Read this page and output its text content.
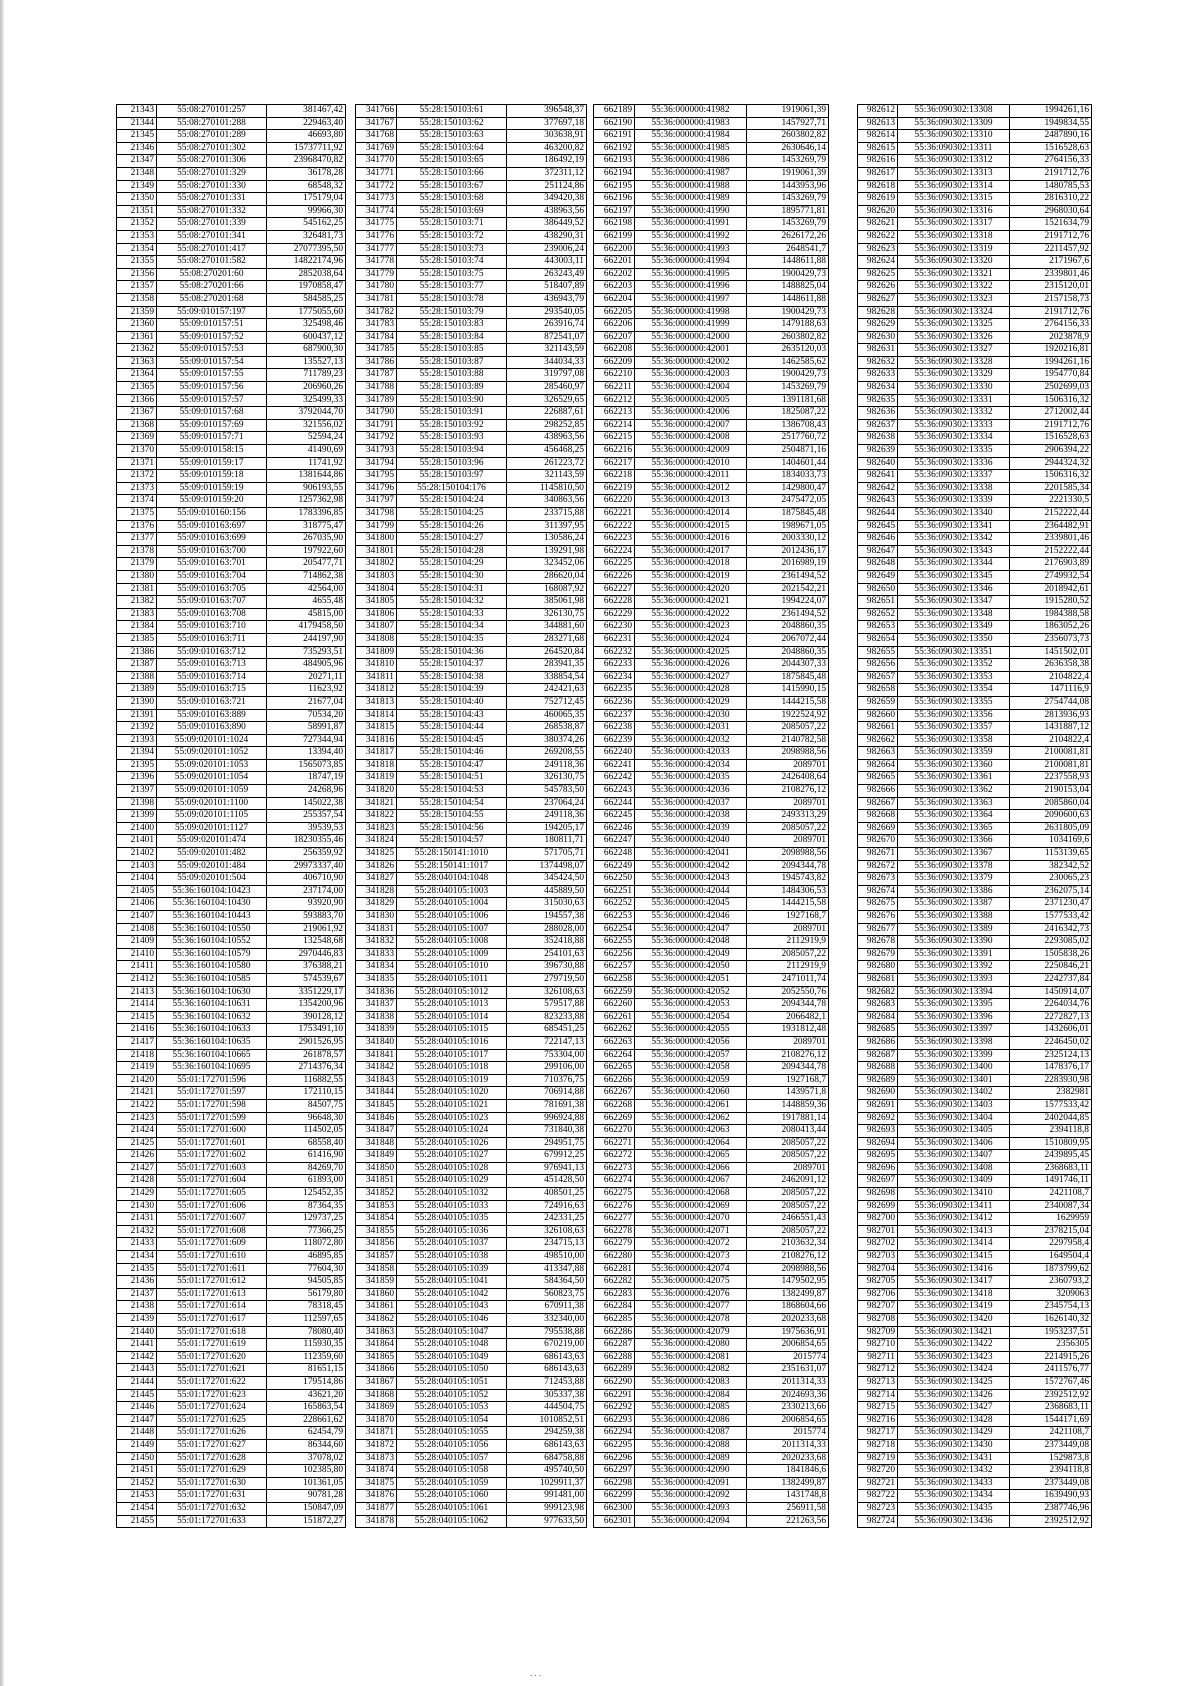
21343	55:08:270101:257	381467,42
21344	55:08:270101:288	229463,40
21345	55:08:270101:289	46693,80
21346	55:08:270101:302	15737711,92
21347	55:08:270101:306	23968470,82
21348	55:08:270101:329	36178,28
21349	55:08:270101:330	68548,32
21350	55:08:270101:331	175179,04
21351	55:08:270101:332	99966,30
21352	55:08:270101:339	545162,25
21353	55:08:270101:341	326481,73
21354	55:08:270101:417	27077395,50
21355	55:08:270101:582	14822174,96
21356	55:08:270201:60	2852038,64
21357	55:08:270201:66	1970858,47
21358	55:08:270201:68	584585,25
21359	55:09:010157:197	1775055,60
21360	55:09:010157:51	325498,46
21361	55:09:010157:52	600437,12
21362	55:09:010157:53	687900,30
21363	55:09:010157:54	135527,13
21364	55:09:010157:55	711789,23
21365	55:09:010157:56	206960,26
21366	55:09:010157:57	325499,33
21367	55:09:010157:68	3792044,70
21368	55:09:010157:69	321556,02
21369	55:09:010157:71	52594,24
21370	55:09:010158:15	41490,69
21371	55:09:010159:17	11741,92
21372	55:09:010159:18	1381644,86
21373	55:09:010159:19	906193,55
21374	55:09:010159:20	1257362,98
21375	55:09:010160:156	1783396,85
21376	55:09:010163:697	318775,47
21377	55:09:010163:699	267035,90
21378	55:09:010163:700	197922,60
21379	55:09:010163:701	205477,71
21380	55:09:010163:704	714862,38
21381	55:09:010163:705	42564,00
21382	55:09:010163:707	4655,48
21383	55:09:010163:708	45815,00
21384	55:09:010163:710	4179458,50
21385	55:09:010163:711	244197,90
21386	55:09:010163:712	735293,51
21387	55:09:010163:713	484905,96
21388	55:09:010163:714	20271,11
21389	55:09:010163:715	11623,92
21390	55:09:010163:721	21677,04
21391	55:09:010163:889	70534,20
21392	55:09:010163:890	58991,87
21393	55:09:020101:1024	727344,94
21394	55:09:020101:1052	13394,40
21395	55:09:020101:1053	1565073,85
21396	55:09:020101:1054	18747,19
21397	55:09:020101:1059	24268,96
21398	55:09:020101:1100	145022,38
21399	55:09:020101:1105	255357,54
21400	55:09:020101:1127	39539,53
21401	55:09:020101:474	18230355,46
21402	55:09:020101:482	256359,92
21403	55:09:020101:484	29973337,40
21404	55:09:020101:504	406710,90
21405	55:36:160104:10423	237174,00
21406	55:36:160104:10430	93920,90
21407	55:36:160104:10443	593883,70
21408	55:36:160104:10550	219061,92
21409	55:36:160104:10552	132548,68
21410	55:36:160104:10579	2970446,83
21411	55:36:160104:10580	376388,21
21412	55:36:160104:10585	574539,67
21413	55:36:160104:10630	3351229,17
21414	55:36:160104:10631	1354200,96
21415	55:36:160104:10632	390128,12
21416	55:36:160104:10633	1753491,10
21417	55:36:160104:10635	2901526,95
21418	55:36:160104:10665	261878,57
21419	55:36:160104:10695	2714376,34
21420	55:01:172701:596	116882,55
21421	55:01:172701:597	172110,15
21422	55:01:172701:598	84507,75
21423	55:01:172701:599	96648,30
21424	55:01:172701:600	114502,05
21425	55:01:172701:601	68558,40
21426	55:01:172701:602	61416,90
21427	55:01:172701:603	84269,70
21428	55:01:172701:604	61893,00
21429	55:01:172701:605	125452,35
21430	55:01:172701:606	87364,35
21431	55:01:172701:607	129737,25
21432	55:01:172701:608	77366,25
21433	55:01:172701:609	118072,80
21434	55:01:172701:610	46895,85
21435	55:01:172701:611	77604,30
21436	55:01:172701:612	94505,85
21437	55:01:172701:613	56179,80
21438	55:01:172701:614	78318,45
21439	55:01:172701:617	112597,65
21440	55:01:172701:618	78080,40
21441	55:01:172701:619	115930,35
21442	55:01:172701:620	112359,60
21443	55:01:172701:621	81651,15
21444	55:01:172701:622	179514,86
21445	55:01:172701:623	43621,20
21446	55:01:172701:624	165863,54
21447	55:01:172701:625	228661,62
21448	55:01:172701:626	62454,79
21449	55:01:172701:627	86344,60
21450	55:01:172701:628	37078,02
21451	55:01:172701:629	102385,80
21452	55:01:172701:630	101361,05
21453	55:01:172701:631	90781,28
21454	55:01:172701:632	150847,09
21455	55:01:172701:633	151872,27
341766	55:28:150103:61	396548,37
341767	55:28:150103:62	377697,18
341768	55:28:150103:63	303638,91
341769	55:28:150103:64	463200,82
341770	55:28:150103:65	186492,19
341771	55:28:150103:66	372311,12
341772	55:28:150103:67	251124,86
341773	55:28:150103:68	349420,38
341774	55:28:150103:69	438963,56
341775	55:28:150103:71	386449,52
341776	55:28:150103:72	438290,31
341777	55:28:150103:73	239006,24
341778	55:28:150103:74	443003,11
341779	55:28:150103:75	263243,49
341780	55:28:150103:77	518407,89
341781	55:28:150103:78	436943,79
341782	55:28:150103:79	293540,05
341783	55:28:150103:83	263916,74
341784	55:28:150103:84	872541,07
341785	55:28:150103:85	321143,59
341786	55:28:150103:87	344034,33
341787	55:28:150103:88	319797,08
341788	55:28:150103:89	285460,97
341789	55:28:150103:90	326529,65
341790	55:28:150103:91	226887,61
341791	55:28:150103:92	298252,85
341792	55:28:150103:93	438963,56
341793	55:28:150103:94	456468,25
341794	55:28:150103:96	261223,72
341795	55:28:150103:97	321143,59
341796	55:28:150104:176	1145810,50
341797	55:28:150104:24	340863,56
341798	55:28:150104:25	233715,88
341799	55:28:150104:26	311397,95
341800	55:28:150104:27	130586,24
341801	55:28:150104:28	139291,98
341802	55:28:150104:29	323452,06
341803	55:28:150104:30	286620,04
341804	55:28:150104:31	168087,92
341805	55:28:150104:32	385061,98
341806	55:28:150104:33	326130,75
341807	55:28:150104:34	344881,60
341808	55:28:150104:35	283271,68
341809	55:28:150104:36	264520,84
341810	55:28:150104:37	283941,35
341811	55:28:150104:38	338854,54
341812	55:28:150104:39	242421,63
341813	55:28:150104:40	752712,45
341814	55:28:150104:43	460065,35
341815	55:28:150104:44	268538,87
341816	55:28:150104:45	380374,26
341817	55:28:150104:46	269208,55
341818	55:28:150104:47	249118,36
341819	55:28:150104:51	326130,75
341820	55:28:150104:53	545783,50
341821	55:28:150104:54	237064,24
341822	55:28:150104:55	249118,36
341823	55:28:150104:56	194205,17
341824	55:28:150104:57	180811,71
341825	55:28:150141:1010	571705,71
341826	55:28:150141:1017	1374498,07
341827	55:28:040104:1048	345424,50
341828	55:28:040105:1003	445889,50
341829	55:28:040105:1004	315030,63
341830	55:28:040105:1006	194557,38
341831	55:28:040105:1007	288028,00
341832	55:28:040105:1008	352418,88
341833	55:28:040105:1009	254101,63
341834	55:28:040105:1010	396730,88
341835	55:28:040105:1011	279719,50
341836	55:28:040105:1012	326108,63
341837	55:28:040105:1013	579517,88
341838	55:28:040105:1014	823233,88
341839	55:28:040105:1015	685451,25
341840	55:28:040105:1016	722147,13
341841	55:28:040105:1017	753304,00
341842	55:28:040105:1018	299106,00
341843	55:28:040105:1019	710376,75
341844	55:28:040105:1020	706914,88
341845	55:28:040105:1021	781691,38
341846	55:28:040105:1023	996924,88
341847	55:28:040105:1024	731840,38
341848	55:28:040105:1026	294951,75
341849	55:28:040105:1027	679912,25
341850	55:28:040105:1028	976941,13
341851	55:28:040105:1029	451428,50
341852	55:28:040105:1032	408501,25
341853	55:28:040105:1033	724916,63
341854	55:28:040105:1035	242331,25
341855	55:28:040105:1036	326108,63
341856	55:28:040105:1037	234715,13
341857	55:28:040105:1038	498510,00
341858	55:28:040105:1039	413347,88
341859	55:28:040105:1041	584364,50
341860	55:28:040105:1042	560823,75
341861	55:28:040105:1043	670911,38
341862	55:28:040105:1046	332340,00
341863	55:28:040105:1047	795538,88
341864	55:28:040105:1048	670219,00
341865	55:28:040105:1049	686143,63
341866	55:28:040105:1050	686143,63
341867	55:28:040105:1051	712453,88
341868	55:28:040105:1052	305337,38
341869	55:28:040105:1053	444504,75
341870	55:28:040105:1054	1010852,51
341871	55:28:040105:1055	294259,38
341872	55:28:040105:1056	686143,63
341873	55:28:040105:1057	684758,88
341874	55:28:040105:1058	495740,50
341875	55:28:040105:1059	1029911,37
341876	55:28:040105:1060	991481,00
341877	55:28:040105:1061	999123,98
341878	55:28:040105:1062	977633,50
662189	55:36:000000:41982	1919061,39
662190	55:36:000000:41983	1457927,71
662191	55:36:000000:41984	2603802,82
662192	55:36:000000:41985	2630646,14
662193	55:36:000000:41986	1453269,79
662194	55:36:000000:41987	1919061,39
662195	55:36:000000:41988	1443953,96
662196	55:36:000000:41989	1453269,79
662197	55:36:000000:41990	1895771,81
662198	55:36:000000:41991	1453269,79
662199	55:36:000000:41992	2626172,26
662200	55:36:000000:41993	2648541,7
662201	55:36:000000:41994	1448611,88
662202	55:36:000000:41995	1900429,73
662203	55:36:000000:41996	1488825,04
662204	55:36:000000:41997	1448611,88
662205	55:36:000000:41998	1900429,73
662206	55:36:000000:41999	1479188,63
662207	55:36:000000:42000	2603802,82
662208	55:36:000000:42001	2635120,03
662209	55:36:000000:42002	1462585,62
662210	55:36:000000:42003	1900429,73
662211	55:36:000000:42004	1453269,79
662212	55:36:000000:42005	1391181,68
662213	55:36:000000:42006	1825087,22
662214	55:36:000000:42007	1386708,43
662215	55:36:000000:42008	2517760,72
662216	55:36:000000:42009	2504871,16
662217	55:36:000000:42010	1404601,44
662218	55:36:000000:42011	1834033,73
662219	55:36:000000:42012	1429800,47
662220	55:36:000000:42013	2475472,05
662221	55:36:000000:42014	1875845,48
662222	55:36:000000:42015	1989671,05
662223	55:36:000000:42016	2003330,12
662224	55:36:000000:42017	2012436,17
662225	55:36:000000:42018	2016989,19
662226	55:36:000000:42019	2361494,52
662227	55:36:000000:42020	2021542,21
662228	55:36:000000:42021	1994224,07
662229	55:36:000000:42022	2361494,52
662230	55:36:000000:42023	2048860,35
662231	55:36:000000:42024	2067072,44
662232	55:36:000000:42025	2048860,35
662233	55:36:000000:42026	2044307,33
662234	55:36:000000:42027	1875845,48
662235	55:36:000000:42028	1415990,15
662236	55:36:000000:42029	1444215,58
662237	55:36:000000:42030	1922524,92
662238	55:36:000000:42031	2085057,22
662239	55:36:000000:42032	2140782,58
662240	55:36:000000:42033	2098988,56
662241	55:36:000000:42034	2089701
662242	55:36:000000:42035	2426408,64
662243	55:36:000000:42036	2108276,12
662244	55:36:000000:42037	2089701
662245	55:36:000000:42038	2493313,29
662246	55:36:000000:42039	2085057,22
662247	55:36:000000:42040	2089701
662248	55:36:000000:42041	2098988,56
662249	55:36:000000:42042	2094344,78
662250	55:36:000000:42043	1945743,82
662251	55:36:000000:42044	1484306,53
662252	55:36:000000:42045	1444215,58
662253	55:36:000000:42046	1927168,7
662254	55:36:000000:42047	2089701
662255	55:36:000000:42048	2112919,9
662256	55:36:000000:42049	2085057,22
662257	55:36:000000:42050	2112919,9
662258	55:36:000000:42051	2471011,74
662259	55:36:000000:42052	2052550,76
662260	55:36:000000:42053	2094344,78
662261	55:36:000000:42054	2066482,1
662262	55:36:000000:42055	1931812,48
662263	55:36:000000:42056	2089701
662264	55:36:000000:42057	2108276,12
662265	55:36:000000:42058	2094344,78
662266	55:36:000000:42059	1927168,7
662267	55:36:000000:42060	1439571,8
662268	55:36:000000:42061	1448859,36
662269	55:36:000000:42062	1917881,14
662270	55:36:000000:42063	2080413,44
662271	55:36:000000:42064	2085057,22
662272	55:36:000000:42065	2085057,22
662273	55:36:000000:42066	2089701
662274	55:36:000000:42067	2462091,12
662275	55:36:000000:42068	2085057,22
662276	55:36:000000:42069	2085057,22
662277	55:36:000000:42070	2466551,43
662278	55:36:000000:42071	2085057,22
662279	55:36:000000:42072	2103632,34
662280	55:36:000000:42073	2108276,12
662281	55:36:000000:42074	2098988,56
662282	55:36:000000:42075	1479502,95
662283	55:36:000000:42076	1382499,87
662284	55:36:000000:42077	1868604,66
662285	55:36:000000:42078	2020233,68
662286	55:36:000000:42079	1975636,91
662287	55:36:000000:42080	2006854,65
662288	55:36:000000:42081	2015774
662289	55:36:000000:42082	2351631,07
662290	55:36:000000:42083	2011314,33
662291	55:36:000000:42084	2024693,36
662292	55:36:000000:42085	2330213,66
662293	55:36:000000:42086	2006854,65
662294	55:36:000000:42087	2015774
662295	55:36:000000:42088	2011314,33
662296	55:36:000000:42089	2020233,68
662297	55:36:000000:42090	1841846,6
662298	55:36:000000:42091	1382499,87
662299	55:36:000000:42092	1431748,8
662300	55:36:000000:42093	256911,58
662301	55:36:000000:42094	221263,56
982612	55:36:090302:13308	1994261,16
982613	55:36:090302:13309	1949834,55
982614	55:36:090302:13310	2487890,16
982615	55:36:090302:13311	1516528,63
982616	55:36:090302:13312	2764156,33
982617	55:36:090302:13313	2191712,76
982618	55:36:090302:13314	1480785,53
982619	55:36:090302:13315	2816310,22
982620	55:36:090302:13316	2968030,64
982621	55:36:090302:13317	1521634,79
982622	55:36:090302:13318	2191712,76
982623	55:36:090302:13319	2211457,92
982624	55:36:090302:13320	2171967,6
982625	55:36:090302:13321	2339801,46
982626	55:36:090302:13322	2315120,01
982627	55:36:090302:13323	2157158,73
982628	55:36:090302:13324	2191712,76
982629	55:36:090302:13325	2764156,33
982630	55:36:090302:13326	2023878,9
982631	55:36:090302:13327	1920216,81
982632	55:36:090302:13328	1994261,16
982633	55:36:090302:13329	1954770,84
982634	55:36:090302:13330	2502699,03
982635	55:36:090302:13331	1506316,32
982636	55:36:090302:13332	2712002,44
982637	55:36:090302:13333	2191712,76
982638	55:36:090302:13334	1516528,63
982639	55:36:090302:13335	2906394,22
982640	55:36:090302:13336	2944324,32
982641	55:36:090302:13337	1506316,32
982642	55:36:090302:13338	2201585,34
982643	55:36:090302:13339	2221330,5
982644	55:36:090302:13340	2152222,44
982645	55:36:090302:13341	2364482,91
982646	55:36:090302:13342	2339801,46
982647	55:36:090302:13343	2152222,44
982648	55:36:090302:13344	2176903,89
982649	55:36:090302:13345	2749932,54
982650	55:36:090302:13346	2018942,61
982651	55:36:090302:13347	1915280,52
982652	55:36:090302:13348	1984388,58
982653	55:36:090302:13349	1863052,26
982654	55:36:090302:13350	2356073,73
982655	55:36:090302:13351	1451502,01
982656	55:36:090302:13352	2636358,38
982657	55:36:090302:13353	2104822,4
982658	55:36:090302:13354	1471116,9
982659	55:36:090302:13355	2754744,08
982660	55:36:090302:13356	2813936,93
982661	55:36:090302:13357	1431887,12
982662	55:36:090302:13358	2104822,4
982663	55:36:090302:13359	2100081,81
982664	55:36:090302:13360	2100081,81
982665	55:36:090302:13361	2237558,93
982666	55:36:090302:13362	2190153,04
982667	55:36:090302:13363	2085860,04
982668	55:36:090302:13364	2090600,63
982669	55:36:090302:13365	2631805,09
982670	55:36:090302:13366	1034169,6
982671	55:36:090302:13367	1153139,65
982672	55:36:090302:13378	382342,52
982673	55:36:090302:13379	230065,23
982674	55:36:090302:13386	2362075,14
982675	55:36:090302:13387	2371230,47
982676	55:36:090302:13388	1577533,42
982677	55:36:090302:13389	2416342,73
982678	55:36:090302:13390	2293085,02
982679	55:36:090302:13391	1505838,26
982680	55:36:090302:13392	2250846,21
982681	55:36:090302:13393	2242737,84
982682	55:36:090302:13394	1450914,07
982683	55:36:090302:13395	2264034,76
982684	55:36:090302:13396	2272827,13
982685	55:36:090302:13397	1432606,01
982686	55:36:090302:13398	2246450,02
982687	55:36:090302:13399	2325124,13
982688	55:36:090302:13400	1478376,17
982689	55:36:090302:13401	2283930,98
982690	55:36:090302:13402	2382981
982691	55:36:090302:13403	1577533,42
982692	55:36:090302:13404	2402044,85
982693	55:36:090302:13405	2394118,8
982694	55:36:090302:13406	1510809,95
982695	55:36:090302:13407	2439895,45
982696	55:36:090302:13408	2368683,11
982697	55:36:090302:13409	1491746,11
982698	55:36:090302:13410	2421108,7
982699	55:36:090302:13411	2340087,34
982700	55:36:090302:13412	1629959
982701	55:36:090302:13413	2378215,04
982702	55:36:090302:13414	2297958,4
982703	55:36:090302:13415	1649504,4
982704	55:36:090302:13416	1873799,62
982705	55:36:090302:13417	2360793,2
982706	55:36:090302:13418	3209063
982707	55:36:090302:13419	2345754,13
982708	55:36:090302:13420	1626140,32
982709	55:36:090302:13421	1953237,51
982710	55:36:090302:13422	2356305
982711	55:36:090302:13423	2214915,26
982712	55:36:090302:13424	2411576,77
982713	55:36:090302:13425	1572767,46
982714	55:36:090302:13426	2392512,92
982715	55:36:090302:13427	2368683,11
982716	55:36:090302:13428	1544171,69
982717	55:36:090302:13429	2421108,7
982718	55:36:090302:13430	2373449,08
982719	55:36:090302:13431	1529873,8
982720	55:36:090302:13432	2394118,8
982721	55:36:090302:13433	2373449,08
982722	55:36:090302:13434	1639490,93
982723	55:36:090302:13435	2387746,96
982724	55:36:090302:13436	2392512,92
. . .
